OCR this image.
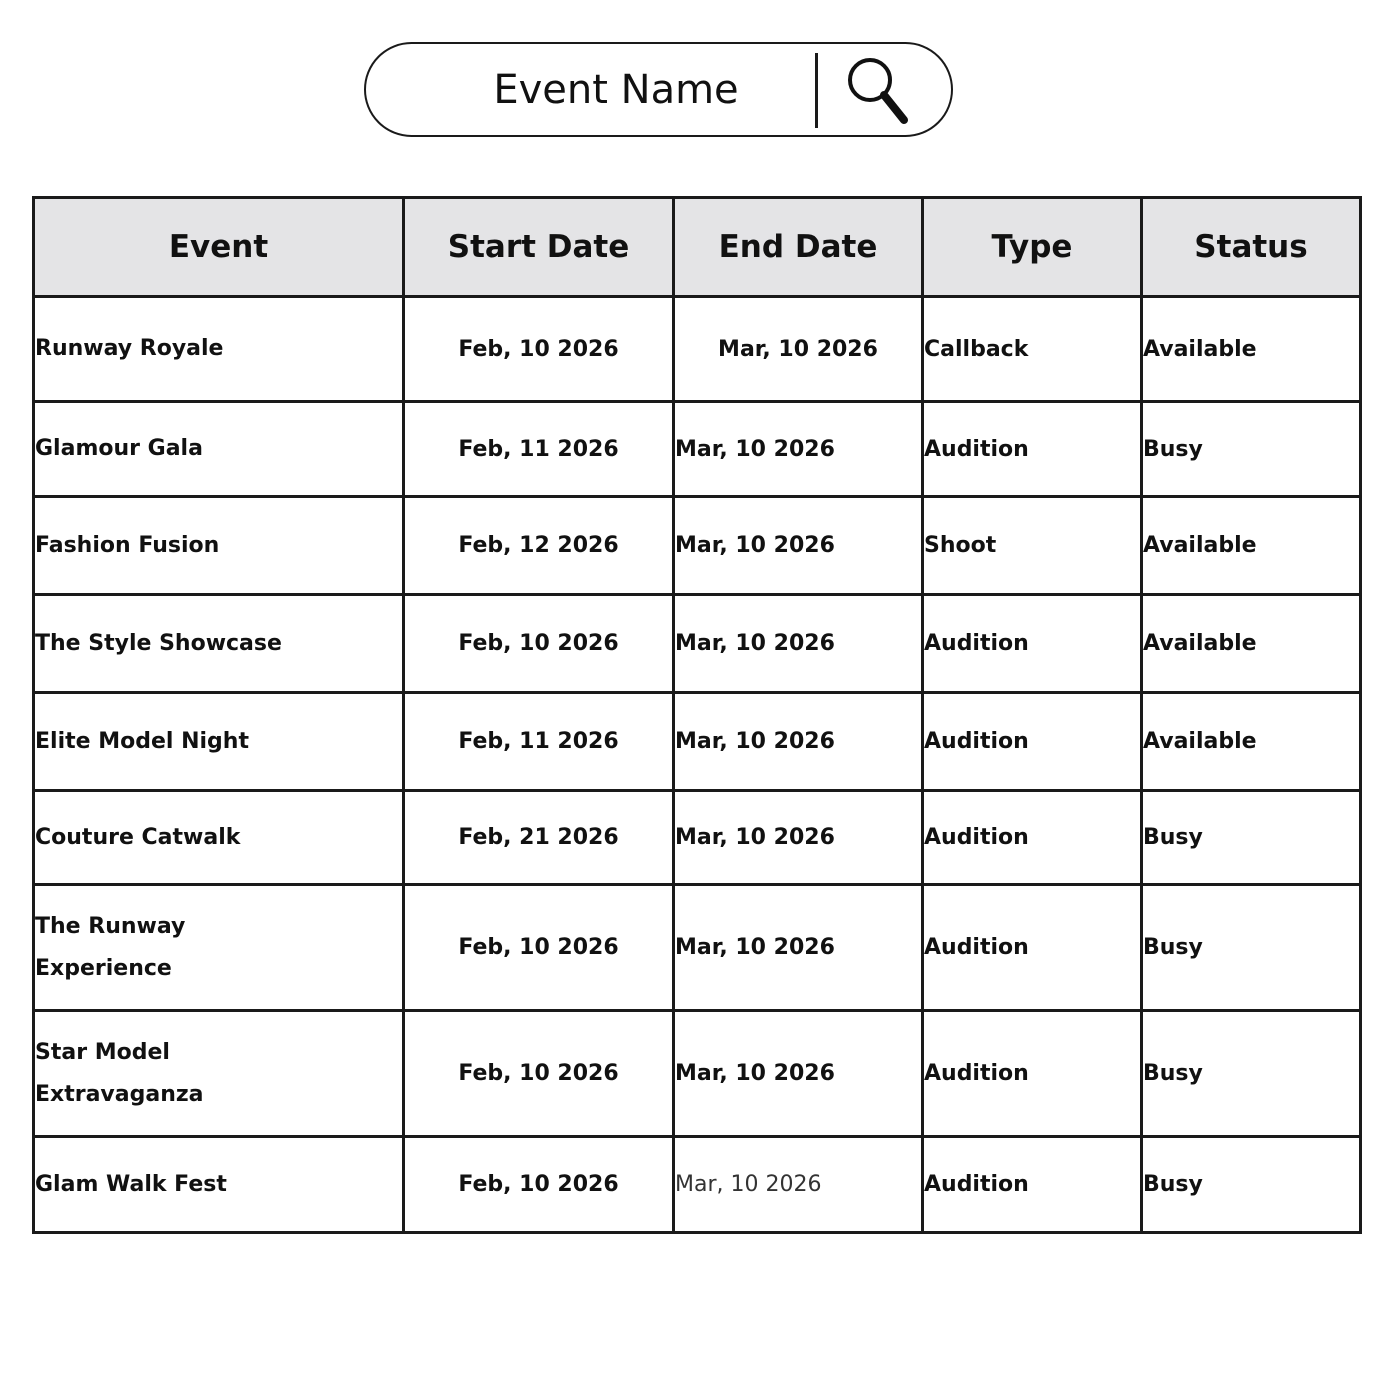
Event Name
Event	Start Date	End Date	Type	Status
Runway Royale	Feb, 10 2026	Mar, 10 2026	Callback	Available
Glamour Gala	Feb, 11 2026	Mar, 10 2026	Audition	Busy
Fashion Fusion	Feb, 12 2026	Mar, 10 2026	Shoot	Available
The Style Showcase	Feb, 10 2026	Mar, 10 2026	Audition	Available
Elite Model Night	Feb, 11 2026	Mar, 10 2026	Audition	Available
Couture Catwalk	Feb, 21 2026	Mar, 10 2026	Audition	Busy
The Runway Experience	Feb, 10 2026	Mar, 10 2026	Audition	Busy
Star Model Extravaganza	Feb, 10 2026	Mar, 10 2026	Audition	Busy
Glam Walk Fest	Feb, 10 2026	Mar, 10 2026	Audition	Busy
